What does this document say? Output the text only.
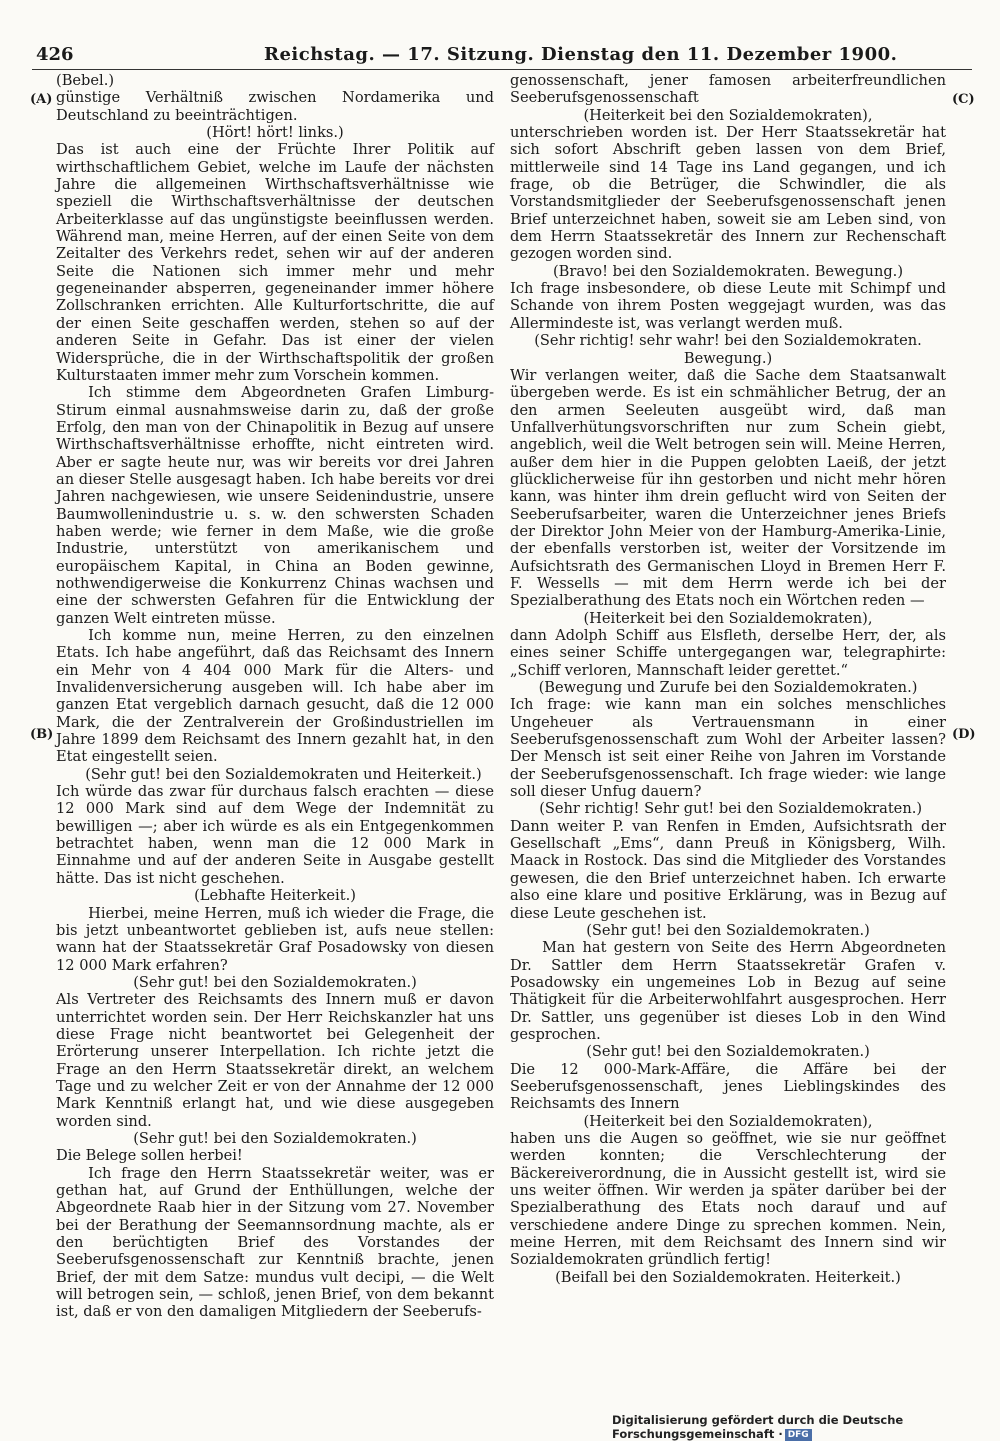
426	Reichstag. — 17. Sitzung. Dienstag den 11. Dezember 1900.
(A)
(B)
(C)
(D)

(Bebel.)

günstige Verhältniß zwischen Nordamerika und Deutschland zu beeinträchtigen.

(Hört! hört! links.)

Das ist auch eine der Früchte Ihrer Politik auf wirthschaftlichem Gebiet, welche im Laufe der nächsten Jahre die allgemeinen Wirthschaftsverhältnisse wie speziell die Wirthschaftsverhältnisse der deutschen Arbeiterklasse auf das ungünstigste beeinflussen werden. Während man, meine Herren, auf der einen Seite von dem Zeitalter des Verkehrs redet, sehen wir auf der anderen Seite die Nationen sich immer mehr und mehr gegeneinander absperren, gegeneinander immer höhere Zollschranken errichten. Alle Kulturfortschritte, die auf der einen Seite geschaffen werden, stehen so auf der anderen Seite in Gefahr. Das ist einer der vielen Widersprüche, die in der Wirthschaftspolitik der großen Kulturstaaten immer mehr zum Vorschein kommen.

Ich stimme dem Abgeordneten Grafen Limburg-Stirum einmal ausnahmsweise darin zu, daß der große Erfolg, den man von der Chinapolitik in Bezug auf unsere Wirthschaftsverhältnisse erhoffte, nicht eintreten wird. Aber er sagte heute nur, was wir bereits vor drei Jahren an dieser Stelle ausgesagt haben. Ich habe bereits vor drei Jahren nachgewiesen, wie unsere Seidenindustrie, unsere Baumwollenindustrie u. s. w. den schwersten Schaden haben werde; wie ferner in dem Maße, wie die große Industrie, unterstützt von amerikanischem und europäischem Kapital, in China an Boden gewinne, nothwendigerweise die Konkurrenz Chinas wachsen und eine der schwersten Gefahren für die Entwicklung der ganzen Welt eintreten müsse.

Ich komme nun, meine Herren, zu den einzelnen Etats. Ich habe angeführt, daß das Reichsamt des Innern ein Mehr von 4 404 000 Mark für die Alters- und Invalidenversicherung ausgeben will. Ich habe aber im ganzen Etat vergeblich darnach gesucht, daß die 12 000 Mark, die der Zentralverein der Großindustriellen im Jahre 1899 dem Reichsamt des Innern gezahlt hat, in den Etat eingestellt seien.

(Sehr gut! bei den Sozialdemokraten und Heiterkeit.)

Ich würde das zwar für durchaus falsch erachten — diese 12 000 Mark sind auf dem Wege der Indemnität zu bewilligen —; aber ich würde es als ein Entgegenkommen betrachtet haben, wenn man die 12 000 Mark in Einnahme und auf der anderen Seite in Ausgabe gestellt hätte. Das ist nicht geschehen.

(Lebhafte Heiterkeit.)

Hierbei, meine Herren, muß ich wieder die Frage, die bis jetzt unbeantwortet geblieben ist, aufs neue stellen: wann hat der Staatssekretär Graf Posadowsky von diesen 12 000 Mark erfahren?

(Sehr gut! bei den Sozialdemokraten.)

Als Vertreter des Reichsamts des Innern muß er davon unterrichtet worden sein. Der Herr Reichskanzler hat uns diese Frage nicht beantwortet bei Gelegenheit der Erörterung unserer Interpellation. Ich richte jetzt die Frage an den Herrn Staatssekretär direkt, an welchem Tage und zu welcher Zeit er von der Annahme der 12 000 Mark Kenntniß erlangt hat, und wie diese ausgegeben worden sind.

(Sehr gut! bei den Sozialdemokraten.)

Die Belege sollen herbei!

Ich frage den Herrn Staatssekretär weiter, was er gethan hat, auf Grund der Enthüllungen, welche der Abgeordnete Raab hier in der Sitzung vom 27. November bei der Berathung der Seemannsordnung machte, als er den berüchtigten Brief des Vorstandes der Seeberufsgenossenschaft zur Kenntniß brachte, jenen Brief, der mit dem Satze: mundus vult decipi, — die Welt will betrogen sein, — schloß, jenen Brief, von dem bekannt ist, daß er von den damaligen Mitgliedern der Seeberufs-

genossenschaft, jener famosen arbeiterfreundlichen Seeberufsgenossenschaft

(Heiterkeit bei den Sozialdemokraten),

unterschrieben worden ist. Der Herr Staatssekretär hat sich sofort Abschrift geben lassen von dem Brief, mittlerweile sind 14 Tage ins Land gegangen, und ich frage, ob die Betrüger, die Schwindler, die als Vorstandsmitglieder der Seeberufsgenossenschaft jenen Brief unterzeichnet haben, soweit sie am Leben sind, von dem Herrn Staatssekretär des Innern zur Rechenschaft gezogen worden sind.

(Bravo! bei den Sozialdemokraten. Bewegung.)

Ich frage insbesondere, ob diese Leute mit Schimpf und Schande von ihrem Posten weggejagt wurden, was das Allermindeste ist, was verlangt werden muß.

(Sehr richtig! sehr wahr! bei den Sozialdemokraten. Bewegung.)

Wir verlangen weiter, daß die Sache dem Staatsanwalt übergeben werde. Es ist ein schmählicher Betrug, der an den armen Seeleuten ausgeübt wird, daß man Unfallverhütungsvorschriften nur zum Schein giebt, angeblich, weil die Welt betrogen sein will. Meine Herren, außer dem hier in die Puppen gelobten Laeiß, der jetzt glücklicherweise für ihn gestorben und nicht mehr hören kann, was hinter ihm drein geflucht wird von Seiten der Seeberufsarbeiter, waren die Unterzeichner jenes Briefs der Direktor John Meier von der Hamburg-Amerika-Linie, der ebenfalls verstorben ist, weiter der Vorsitzende im Aufsichtsrath des Germanischen Lloyd in Bremen Herr F. F. Wessells — mit dem Herrn werde ich bei der Spezialberathung des Etats noch ein Wörtchen reden —

(Heiterkeit bei den Sozialdemokraten),

dann Adolph Schiff aus Elsfleth, derselbe Herr, der, als eines seiner Schiffe untergegangen war, telegraphirte: „Schiff verloren, Mannschaft leider gerettet.“

(Bewegung und Zurufe bei den Sozialdemokraten.)

Ich frage: wie kann man ein solches menschliches Ungeheuer als Vertrauensmann in einer Seeberufsgenossenschaft zum Wohl der Arbeiter lassen? Der Mensch ist seit einer Reihe von Jahren im Vorstande der Seeberufsgenossenschaft. Ich frage wieder: wie lange soll dieser Unfug dauern?

(Sehr richtig! Sehr gut! bei den Sozialdemokraten.)

Dann weiter P. van Renfen in Emden, Aufsichtsrath der Gesellschaft „Ems“, dann Preuß in Königsberg, Wilh. Maack in Rostock. Das sind die Mitglieder des Vorstandes gewesen, die den Brief unterzeichnet haben. Ich erwarte also eine klare und positive Erklärung, was in Bezug auf diese Leute geschehen ist.

(Sehr gut! bei den Sozialdemokraten.)

Man hat gestern von Seite des Herrn Abgeordneten Dr. Sattler dem Herrn Staatssekretär Grafen v. Posadowsky ein ungemeines Lob in Bezug auf seine Thätigkeit für die Arbeiterwohlfahrt ausgesprochen. Herr Dr. Sattler, uns gegenüber ist dieses Lob in den Wind gesprochen.

(Sehr gut! bei den Sozialdemokraten.)

Die 12 000-Mark-Affäre, die Affäre bei der Seeberufsgenossenschaft, jenes Lieblingskindes des Reichsamts des Innern

(Heiterkeit bei den Sozialdemokraten),

haben uns die Augen so geöffnet, wie sie nur geöffnet werden konnten; die Verschlechterung der Bäckereiverordnung, die in Aussicht gestellt ist, wird sie uns weiter öffnen. Wir werden ja später darüber bei der Spezialberathung des Etats noch darauf und auf verschiedene andere Dinge zu sprechen kommen. Nein, meine Herren, mit dem Reichsamt des Innern sind wir Sozialdemokraten gründlich fertig!

(Beifall bei den Sozialdemokraten. Heiterkeit.)

Digitalisierung gefördert durch die Deutsche Forschungsgemeinschaft · DFG
